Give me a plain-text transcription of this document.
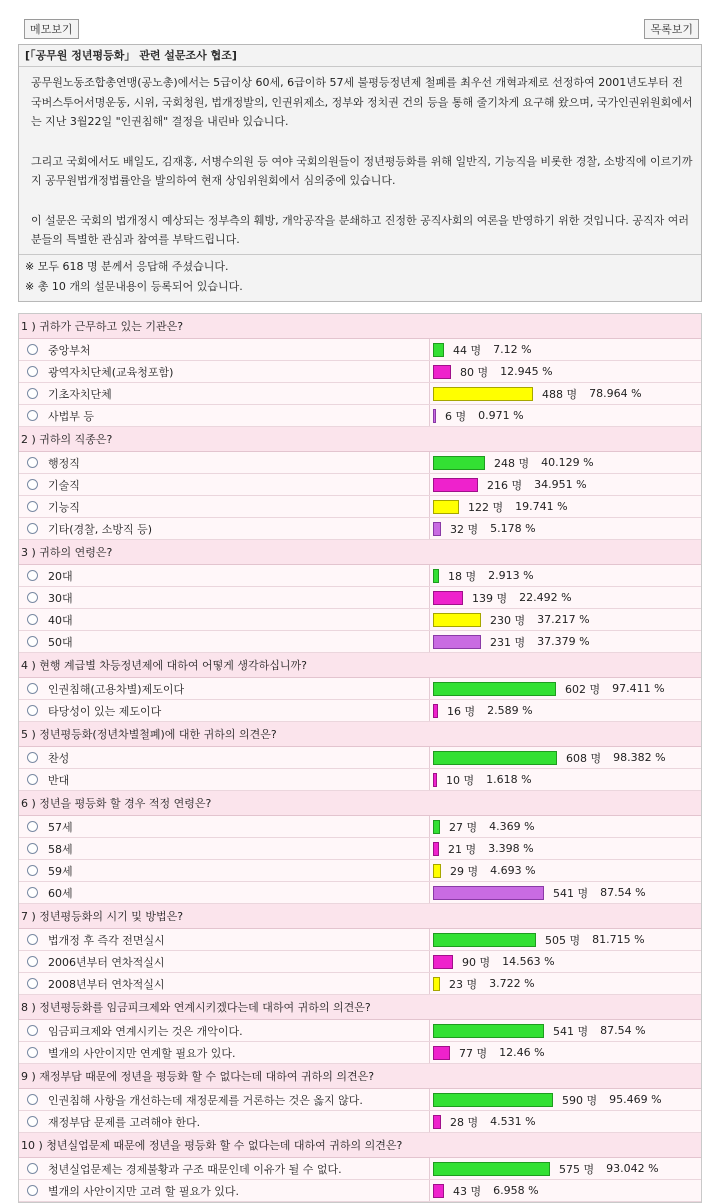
메모보기	목록보기
[「공무원 정년평등화」 관련 설문조사 협조]

공무원노동조합총연맹(공노총)에서는 5급이상 60세, 6급이하 57세 불평등정년제 철폐를 최우선 개혁과제로 선정하여 2001년도부터 전국버스투어서명운동, 시위, 국회청원, 법개정발의, 인권위제소, 정부와 정치권 건의 등을 통해 줄기차게 요구해 왔으며, 국가인권위원회에서는 지난 3월22일 "인권침해" 결정을 내린바 있습니다.

그리고 국회에서도 배일도, 김재홍, 서병수의원 등 여야 국회의원들이 정년평등화를 위해 일반직, 기능직을 비롯한 경찰, 소방직에 이르기까지 공무원법개정법률안을 발의하여 현재 상임위원회에서 심의중에 있습니다.

이 설문은 국회의 법개정시 예상되는 정부측의 훼방, 개악공작을 분쇄하고 진정한 공직사회의 여론을 반영하기 위한 것입니다. 공직자 여러분들의 특별한 관심과 참여를 부탁드립니다.

※ 모두 618 명 분께서 응답해 주셨습니다.
※ 총 10 개의 설문내용이 등록되어 있습니다.
1 ) 귀하가 근무하고 있는 기관은?
중앙부처	44 명 7.12 %
광역자치단체(교육청포함)	80 명 12.945 %
기초자치단체	488 명 78.964 %
사법부 등	6 명 0.971 %
2 ) 귀하의 직종은?
행정직	248 명 40.129 %
기술직	216 명 34.951 %
기능직	122 명 19.741 %
기타(경찰, 소방직 등)	32 명 5.178 %
3 ) 귀하의 연령은?
20대	18 명 2.913 %
30대	139 명 22.492 %
40대	230 명 37.217 %
50대	231 명 37.379 %
4 ) 현행 계급별 차등정년제에 대하여 어떻게 생각하십니까?
인권침해(고용차별)제도이다	602 명 97.411 %
타당성이 있는 제도이다	16 명 2.589 %
5 ) 정년평등화(정년차별철폐)에 대한 귀하의 의견은?
찬성	608 명 98.382 %
반대	10 명 1.618 %
6 ) 정년을 평등화 할 경우 적정 연령은?
57세	27 명 4.369 %
58세	21 명 3.398 %
59세	29 명 4.693 %
60세	541 명 87.54 %
7 ) 정년평등화의 시기 및 방법은?
법개정 후 즉각 전면실시	505 명 81.715 %
2006년부터 연차적실시	90 명 14.563 %
2008년부터 연차적실시	23 명 3.722 %
8 ) 정년평등화를 임금피크제와 연계시키겠다는데 대하여 귀하의 의견은?
임금피크제와 연계시키는 것은 개악이다.	541 명 87.54 %
별개의 사안이지만 연계할 필요가 있다.	77 명 12.46 %
9 ) 재정부담 때문에 정년을 평등화 할 수 없다는데 대하여 귀하의 의견은?
인권침해 사항을 개선하는데 재정문제를 거론하는 것은 옳지 않다.	590 명 95.469 %
재정부담 문제를 고려해야 한다.	28 명 4.531 %
10 ) 청년실업문제 때문에 정년을 평등화 할 수 없다는데 대하여 귀하의 의견은?
청년실업문제는 경제불황과 구조 때문인데 이유가 될 수 없다.	575 명 93.042 %
별개의 사안이지만 고려 할 필요가 있다.	43 명 6.958 %
